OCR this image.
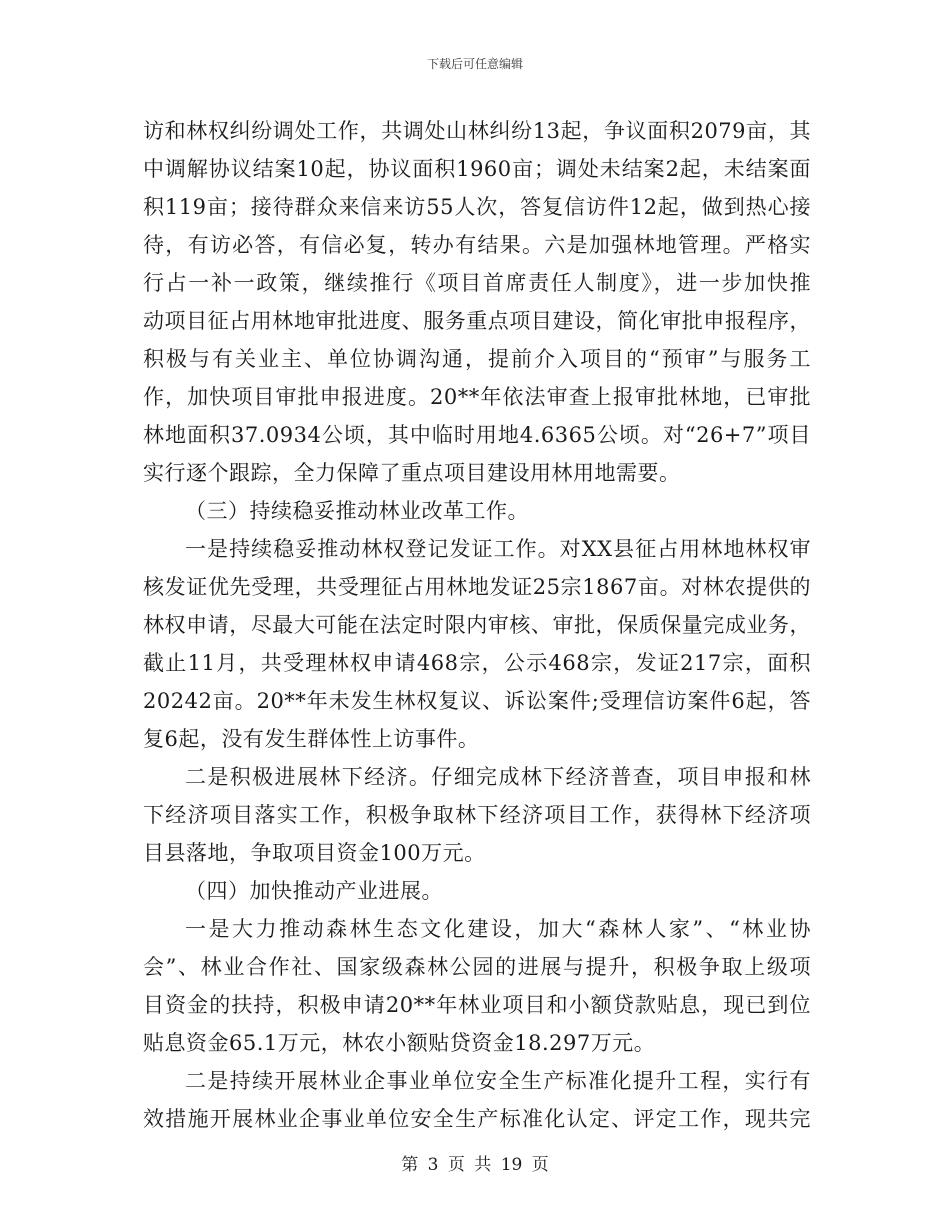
下载后可任意编辑
访和林权纠纷调处工作，共调处山林纠纷13起，争议面积2079亩，其
中调解协议结案10起，协议面积1960亩；调处未结案2起，未结案面
积119亩；接待群众来信来访55人次，答复信访件12起，做到热心接
待，有访必答，有信必复，转办有结果。六是加强林地管理。严格实
行占一补一政策，继续推行《项目首席责任人制度》，进一步加快推
动项目征占用林地审批进度、服务重点项目建设，简化审批申报程序，
积极与有关业主、单位协调沟通，提前介入项目的“预审”与服务工
作，加快项目审批申报进度。20**年依法审查上报审批林地，已审批
林地面积37.0934公顷，其中临时用地4.6365公顷。对“26+7”项目
实行逐个跟踪，全力保障了重点项目建设用林用地需要。
（三）持续稳妥推动林业改革工作。
一是持续稳妥推动林权登记发证工作。对XX县征占用林地林权审
核发证优先受理，共受理征占用林地发证25宗1867亩。对林农提供的
林权申请，尽最大可能在法定时限内审核、审批，保质保量完成业务，
截止11月，共受理林权申请468宗，公示468宗，发证217宗，面积
20242亩。20**年未发生林权复议、诉讼案件;受理信访案件6起，答
复6起，没有发生群体性上访事件。
二是积极进展林下经济。仔细完成林下经济普查，项目申报和林
下经济项目落实工作，积极争取林下经济项目工作，获得林下经济项
目县落地，争取项目资金100万元。
（四）加快推动产业进展。
一是大力推动森林生态文化建设，加大“森林人家”、“林业协
会”、林业合作社、国家级森林公园的进展与提升，积极争取上级项
目资金的扶持，积极申请20**年林业项目和小额贷款贴息，现已到位
贴息资金65.1万元，林农小额贴贷资金18.297万元。
二是持续开展林业企事业单位安全生产标准化提升工程，实行有
效措施开展林业企事业单位安全生产标准化认定、评定工作，现共完
第 3 页 共 19 页
